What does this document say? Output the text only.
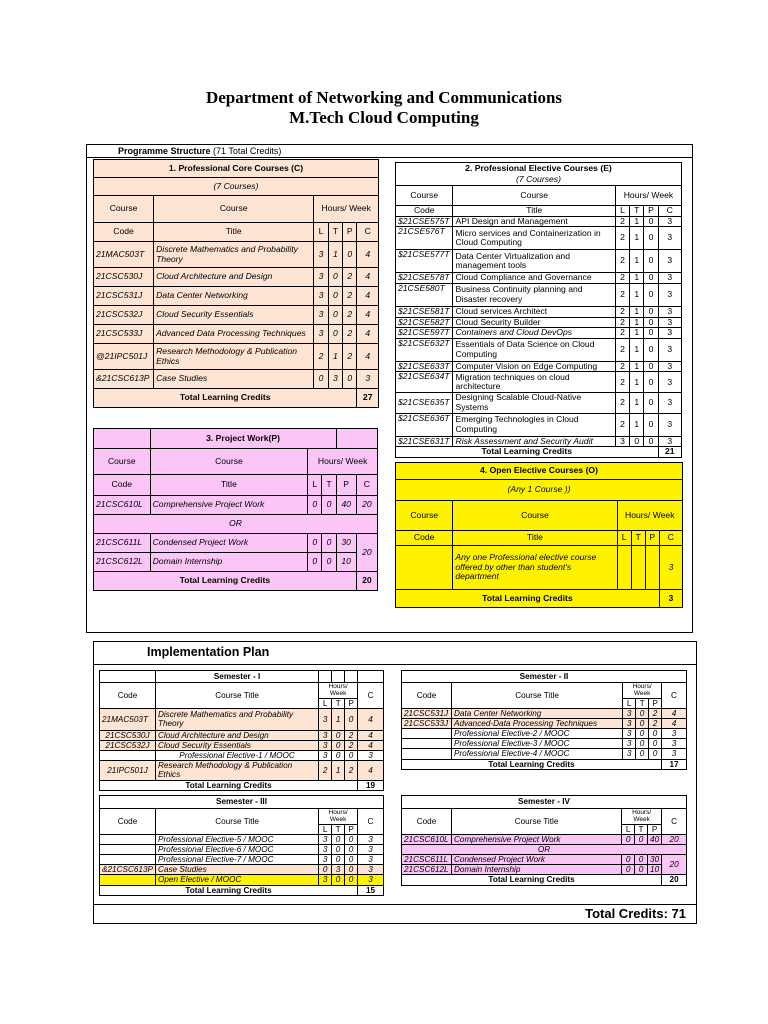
Department of Networking and Communications
M.Tech Cloud Computing
Programme Structure (71 Total Credits)
1. Professional Core Courses (C)					
(7 Courses)					
Course	Course	Hours/ Week			
Code	Title	L	T	P	C
21MAC503T	Discrete Mathematics and Probability Theory	3	1	0	4
21CSC530J	Cloud Architecture and Design	3	0	2	4
21CSC531J	Data Center Networking	3	0	2	4
21CSC532J	Cloud Security Essentials	3	0	2	4
21CSC533J	Advanced Data Processing Techniques	3	0	2	4
@21IPC501J	Research Methodology & Publication Ethics	2	1	2	4
&21CSC613P	Case Studies	0	3	0	3
Total Learning Credits					27
2. Professional Elective Courses (E)					
(7 Courses)					
Course	Course	Hours/ Week			
Code	Title	L	T	P	C
$21CSE575T	API Design and Management	2	1	0	3
21CSE576T	Micro services and Containerization in Cloud Computing	2	1	0	3
$21CSE577T	Data Center Virtualization and management tools	2	1	0	3
$21CSE578T	Cloud Compliance and Governance	2	1	0	3
21CSE580T	Business Continuity planning and Disaster recovery	2	1	0	3
$21CSE581T	Cloud services Architect	2	1	0	3
$21CSE582T	Cloud Security Builder	2	1	0	3
$21CSE597T	Containers and Cloud DevOps	2	1	0	3
$21CSE632T	Essentials of Data Science on Cloud Computing	2	1	0	3
$21CSE633T	Computer Vision on Edge Computing	2	1	0	3
$21CSE634T	Migration techniques on cloud architecture	2	1	0	3
$21CSE635T	Designing Scalable Cloud-Native Systems	2	1	0	3
$21CSE636T	Emerging Technologies in Cloud Computing	2	1	0	3
$21CSE631T	Risk Assessment and Security Audit	3	0	0	3
Total Learning Credits					21
	3. Project Work(P)				
Course	Course	Hours/ Week			
Code	Title	L	T	P	C
21CSC610L	Comprehensive Project Work	0	0	40	20
OR					
21CSC611L	Condensed Project Work	0	0	30	20
21CSC612L	Domain Internship	0	0	10	
Total Learning Credits					20
4. Open Elective Courses (O)					
(Any 1 Course ))					
Course	Course	Hours/ Week			
Code	Title	L	T	P	C
	Any one Professional elective course offered by other than student's department				3
Total Learning Credits					3
Implementation Plan
	Semester - I				
Code	Course Title	Hours/ Week			C
		L	T	P	
21MAC503T	Discrete Mathematics and Probability Theory	3	1	0	4
21CSC530J	Cloud Architecture and Design	3	0	2	4
21CSC532J	Cloud Security Essentials	3	0	2	4
	Professional Elective-1 / MOOC	3	0	0	3
21IPC501J	Research Methodology & Publication Ethics	2	1	2	4
Total Learning Credits					19
Semester - II					
Code	Course Title	Hours/ Week			C
		L	T	P	
21CSC531J	Data Center Networking	3	0	2	4
21CSC533J	Advanced-Data Processing Techniques	3	0	2	4
	Professional Elective-2 / MOOC	3	0	0	3
	Professional Elective-3 / MOOC	3	0	0	3
	Professional Elective-4 / MOOC	3	0	0	3
Total Learning Credits					17
Semester - III					
Code	Course Title	Hours/ Week			C
		L	T	P	
	Professional Elective-5 / MOOC	3	0	0	3
	Professional Elective-6 / MOOC	3	0	0	3
	Professional Elective-7 / MOOC	3	0	0	3
&21CSC613P	Case Studies	0	3	0	3
	Open Elective / MOOC	3	0	0	3
Total Learning Credits					15
Semester - IV					
Code	Course Title	Hours/ Week			C
		L	T	P	
21CSC610L	Comprehensive Project Work	0	0	40	20
OR					
21CSC611L	Condensed Project Work	0	0	30	20
21CSC612L	Domain Internship	0	0	10	
Total Learning Credits					20
Total Credits: 71
